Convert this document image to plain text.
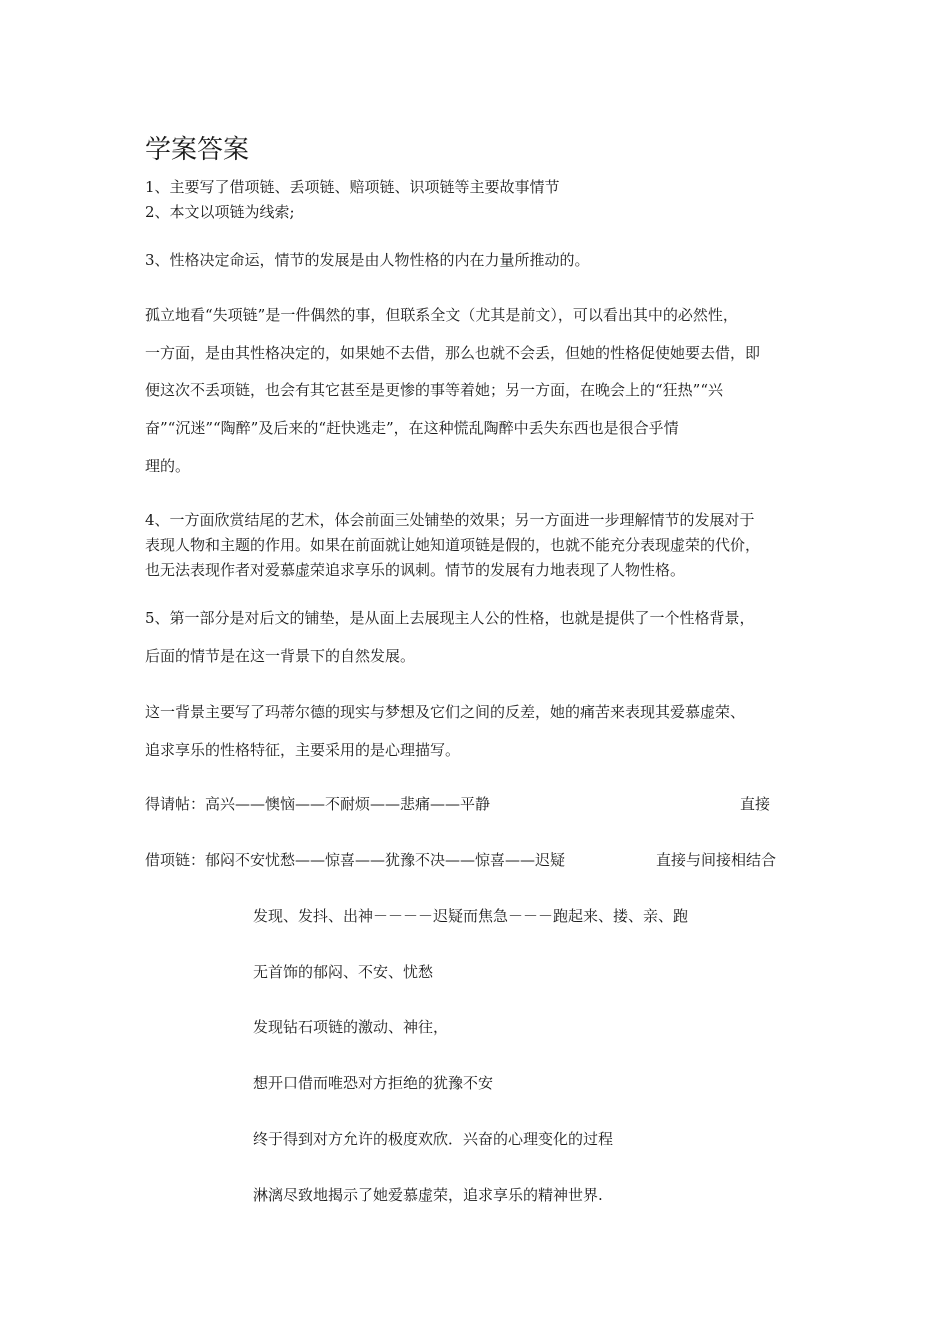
学案答案
1、主要写了借项链、丢项链、赔项链、识项链等主要故事情节
2、本文以项链为线索;
3、性格决定命运，情节的发展是由人物性格的内在力量所推动的。
孤立地看“失项链”是一件偶然的事，但联系全文（尤其是前文），可以看出其中的必然性，
一方面，是由其性格决定的，如果她不去借，那么也就不会丢，但她的性格促使她要去借，即
便这次不丢项链，也会有其它甚至是更惨的事等着她；另一方面，在晚会上的“狂热”“兴
奋”“沉迷”“陶醉”及后来的“赶快逃走”，在这种慌乱陶醉中丢失东西也是很合乎情
理的。
4、一方面欣赏结尾的艺术，体会前面三处铺垫的效果；另一方面进一步理解情节的发展对于
表现人物和主题的作用。如果在前面就让她知道项链是假的，也就不能充分表现虚荣的代价，
也无法表现作者对爱慕虚荣追求享乐的讽刺。情节的发展有力地表现了人物性格。
5、第一部分是对后文的铺垫，是从面上去展现主人公的性格，也就是提供了一个性格背景，
后面的情节是在这一背景下的自然发展。
这一背景主要写了玛蒂尔德的现实与梦想及它们之间的反差，她的痛苦来表现其爱慕虚荣、
追求享乐的性格特征，主要采用的是心理描写。
得请帖：高兴——懊恼——不耐烦——悲痛——平静	直接
借项链：郁闷不安忧愁——惊喜——犹豫不决——惊喜——迟疑	直接与间接相结合
发现、发抖、出神－－－－迟疑而焦急－－－跑起来、搂、亲、跑
无首饰的郁闷、不安、忧愁
发现钻石项链的激动、神往，
想开口借而唯恐对方拒绝的犹豫不安
终于得到对方允许的极度欢欣．兴奋的心理变化的过程
淋漓尽致地揭示了她爱慕虚荣，追求享乐的精神世界.
